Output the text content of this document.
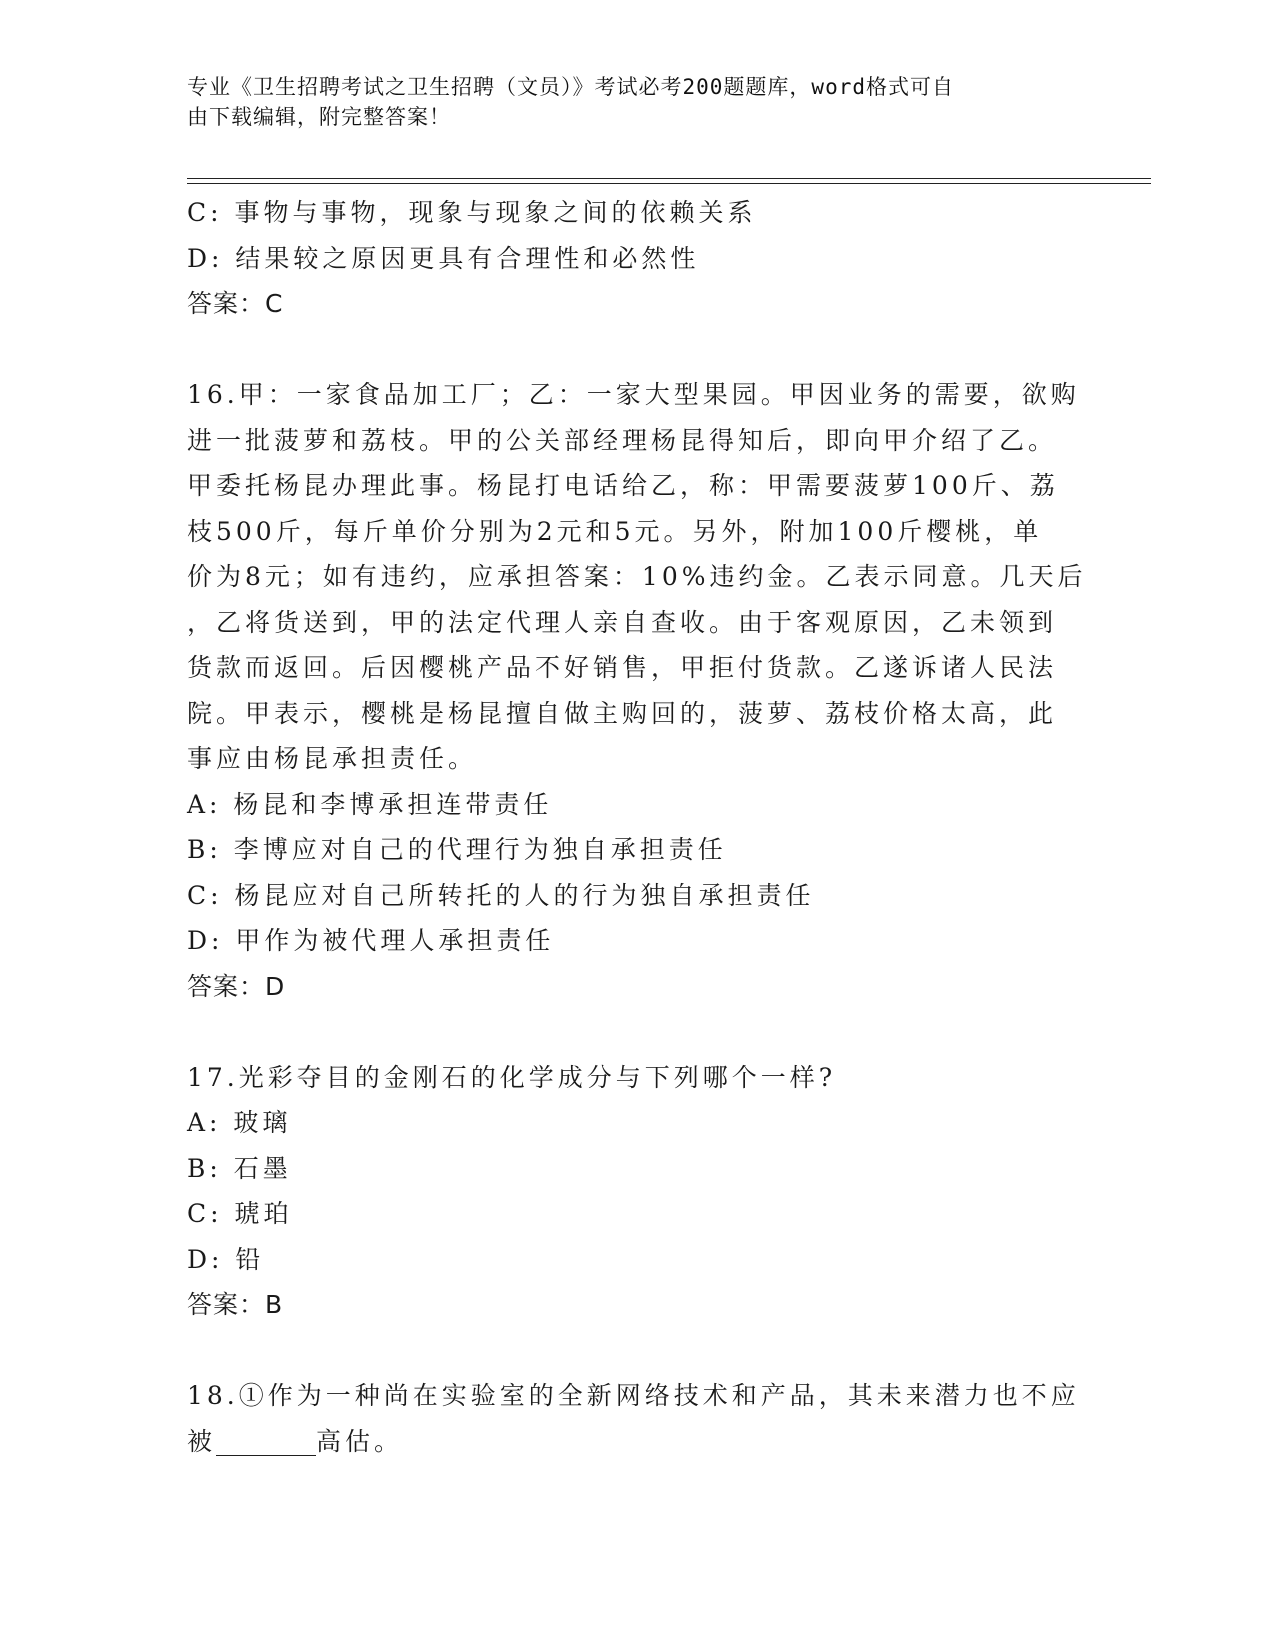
专业《卫生招聘考试之卫生招聘（文员）》考试必考200题题库，word格式可自
由下载编辑，附完整答案！
C: 事物与事物，现象与现象之间的依赖关系
D: 结果较之原因更具有合理性和必然性
答案：C
16.甲：一家食品加工厂；乙：一家大型果园。甲因业务的需要，欲购
进一批菠萝和荔枝。甲的公关部经理杨昆得知后，即向甲介绍了乙。
甲委托杨昆办理此事。杨昆打电话给乙，称：甲需要菠萝100斤、荔
枝500斤，每斤单价分别为2元和5元。另外，附加100斤樱桃，单
价为8元；如有违约，应承担答案：10%违约金。乙表示同意。几天后
，乙将货送到，甲的法定代理人亲自查收。由于客观原因，乙未领到
货款而返回。后因樱桃产品不好销售，甲拒付货款。乙遂诉诸人民法
院。甲表示，樱桃是杨昆擅自做主购回的，菠萝、荔枝价格太高，此
事应由杨昆承担责任。
A: 杨昆和李博承担连带责任
B: 李博应对自己的代理行为独自承担责任
C: 杨昆应对自己所转托的人的行为独自承担责任
D: 甲作为被代理人承担责任
答案：D
17.光彩夺目的金刚石的化学成分与下列哪个一样?
A: 玻璃
B: 石墨
C: 琥珀
D: 铅
答案：B
18.①作为一种尚在实验室的全新网络技术和产品，其未来潜力也不应
被________高估。
